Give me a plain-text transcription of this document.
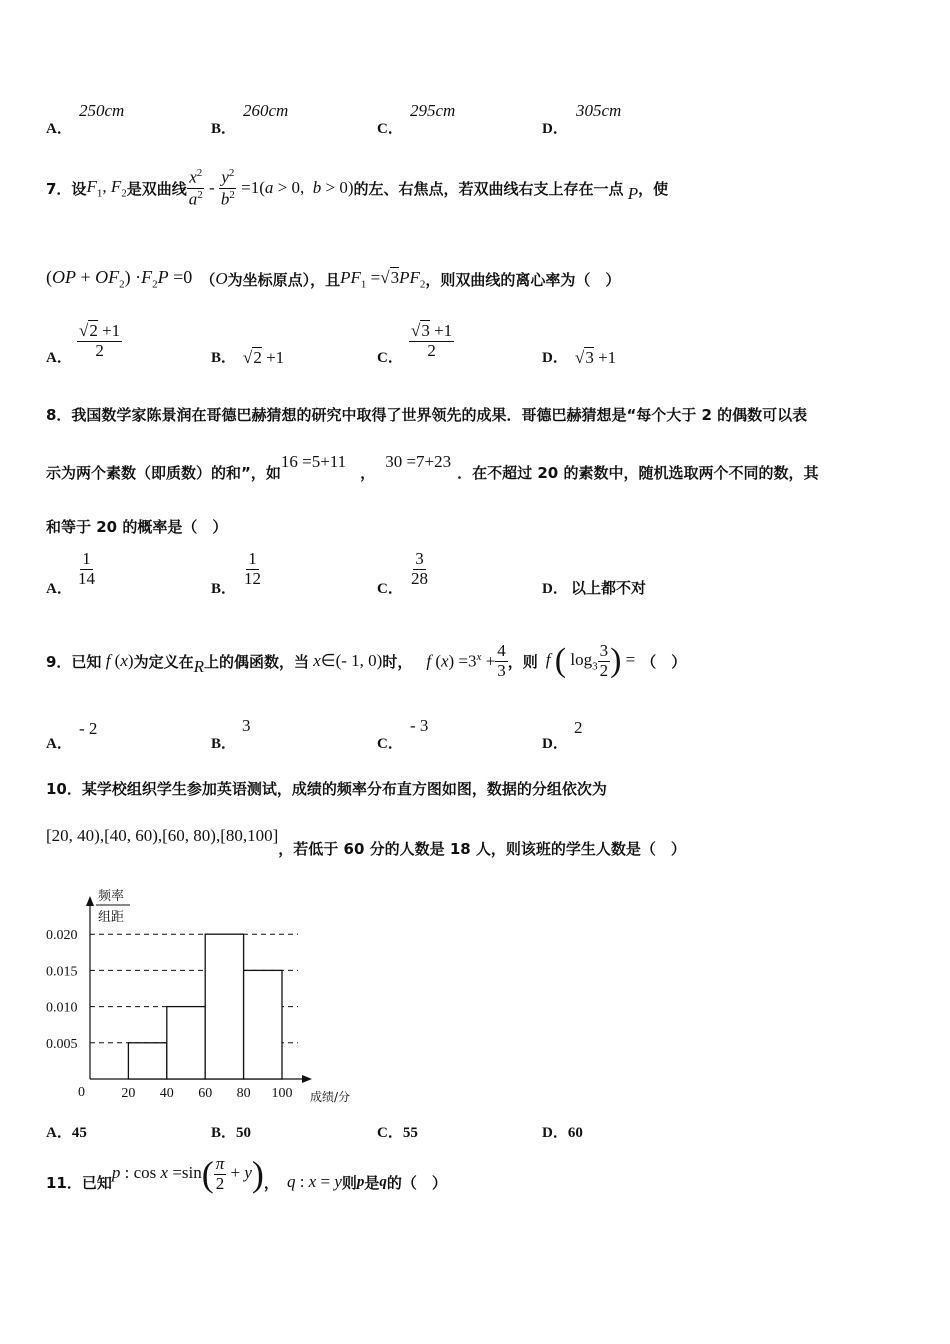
A．
250cm
B．
260cm
C．
295cm
D．
305cm
7．设 $F_1$, $F_2$ 是双曲线 $\frac{x^2}{a^2} - \frac{y^2}{b^2} =1(a > 0$,  b > 0) 的左、右焦点，若双曲线右支上存在一点 P ，使
$(OP + OF_2) \cdot F_2P =0$ （ O 为坐标原点），且 $PF_1 =√3PF_2$ ，则双曲线的离心率为（　）
A． $\frac{√2 +1}{2}$	B． √2 +1	C． $\frac{√3 +1}{2}$	D． √3 +1
8．我国数学家陈景润在哥德巴赫猜想的研究中取得了世界领先的成果．哥德巴赫猜想是“每个大于 2 的偶数可以表
示为两个素数（即质数）的和”，如
16 =5+11
，
30 =7+23
．在不超过 20 的素数中，随机选取两个不同的数，其
和等于 20 的概率是（　）
A．
$\frac{1}{14}$
B．
$\frac{1}{12}$
C．
$\frac{3}{28}$
D． 以上都不对
9．已知 f (x) 为定义在 R 上的偶函数，当 x∈(- 1, 0) 时， f $(x) =3^x + \frac{4}{3}$ ，则 f ( $\log_3 \frac{3}{2}$ ) = （　）
A．
- 2
B．
3
C．
- 3
D．
2
10．某学校组织学生参加英语测试，成绩的频率分布直方图如图，数据的分组依次为
[20, 40),[40, 60),[60, 80),[80,100]
，若低于 60 分的人数是 18 人，则该班的学生人数是（　）
频率
组距
0	成绩/分
0.005
0.010
0.015
0.020
20 40 60 80 100
A．45	B．50	C．55	D．60
11．已知
p : $\cos x =\sin( \frac{\pi}{2} + y)$ ， q : x = y 则 p 是 q 的（　）
